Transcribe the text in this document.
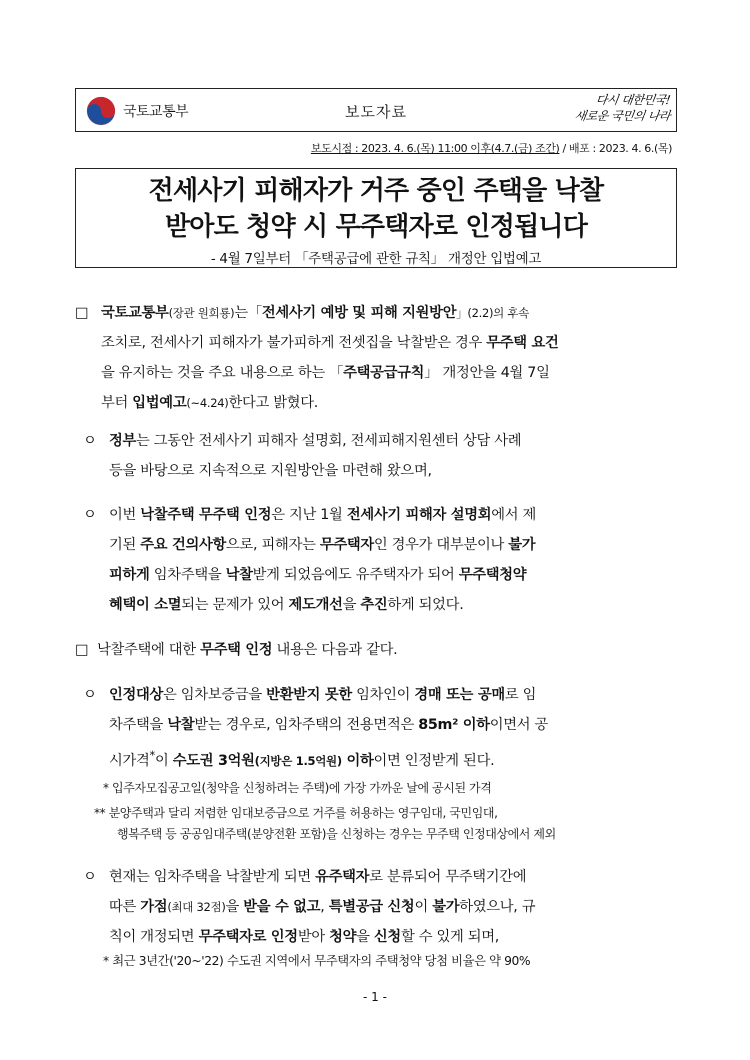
국토교통부	보도자료
다시 대한민국!
새로운 국민의 나라
보도시점 : 2023. 4. 6.(목) 11:00 이후(4.7.(금) 조간) / 배포 : 2023. 4. 6.(목)
전세사기 피해자가 거주 중인 주택을 낙찰
받아도 청약 시 무주택자로 인정됩니다
- 4월 7일부터 「주택공급에 관한 규칙」 개정안 입법예고
□ 국토교통부(장관 원희룡)는「전세사기 예방 및 피해 지원방안」(2.2)의 후속
조치로, 전세사기 피해자가 불가피하게 전셋집을 낙찰받은 경우 무주택 요건
을 유지하는 것을 주요 내용으로 하는 「주택공급규칙」 개정안을 4월 7일
부터 입법예고(~4.24)한다고 밝혔다.
ㅇ 정부는 그동안 전세사기 피해자 설명회, 전세피해지원센터 상담 사례
등을 바탕으로 지속적으로 지원방안을 마련해 왔으며,
ㅇ 이번 낙찰주택 무주택 인정은 지난 1월 전세사기 피해자 설명회에서 제
기된 주요 건의사항으로, 피해자는 무주택자인 경우가 대부분이나 불가
피하게 임차주택을 낙찰받게 되었음에도 유주택자가 되어 무주택청약
혜택이 소멸되는 문제가 있어 제도개선을 추진하게 되었다.
□ 낙찰주택에 대한 무주택 인정 내용은 다음과 같다.
ㅇ 인정대상은 임차보증금을 반환받지 못한 임차인이 경매 또는 공매로 임
차주택을 낙찰받는 경우로, 임차주택의 전용면적은 85m² 이하이면서 공
시가격*이 수도권 3억원(지방은 1.5억원) 이하이면 인정받게 된다.
* 입주자모집공고일(청약을 신청하려는 주택)에 가장 가까운 날에 공시된 가격
** 분양주택과 달리 저렴한 임대보증금으로 거주를 허용하는 영구임대, 국민임대,
행복주택 등 공공임대주택(분양전환 포함)을 신청하는 경우는 무주택 인정대상에서 제외
ㅇ 현재는 임차주택을 낙찰받게 되면 유주택자로 분류되어 무주택기간에
따른 가점(최대 32점)을 받을 수 없고, 특별공급 신청이 불가하였으나, 규
칙이 개정되면 무주택자로 인정받아 청약을 신청할 수 있게 되며,
* 최근 3년간('20~'22) 수도권 지역에서 무주택자의 주택청약 당첨 비율은 약 90%
- 1 -
